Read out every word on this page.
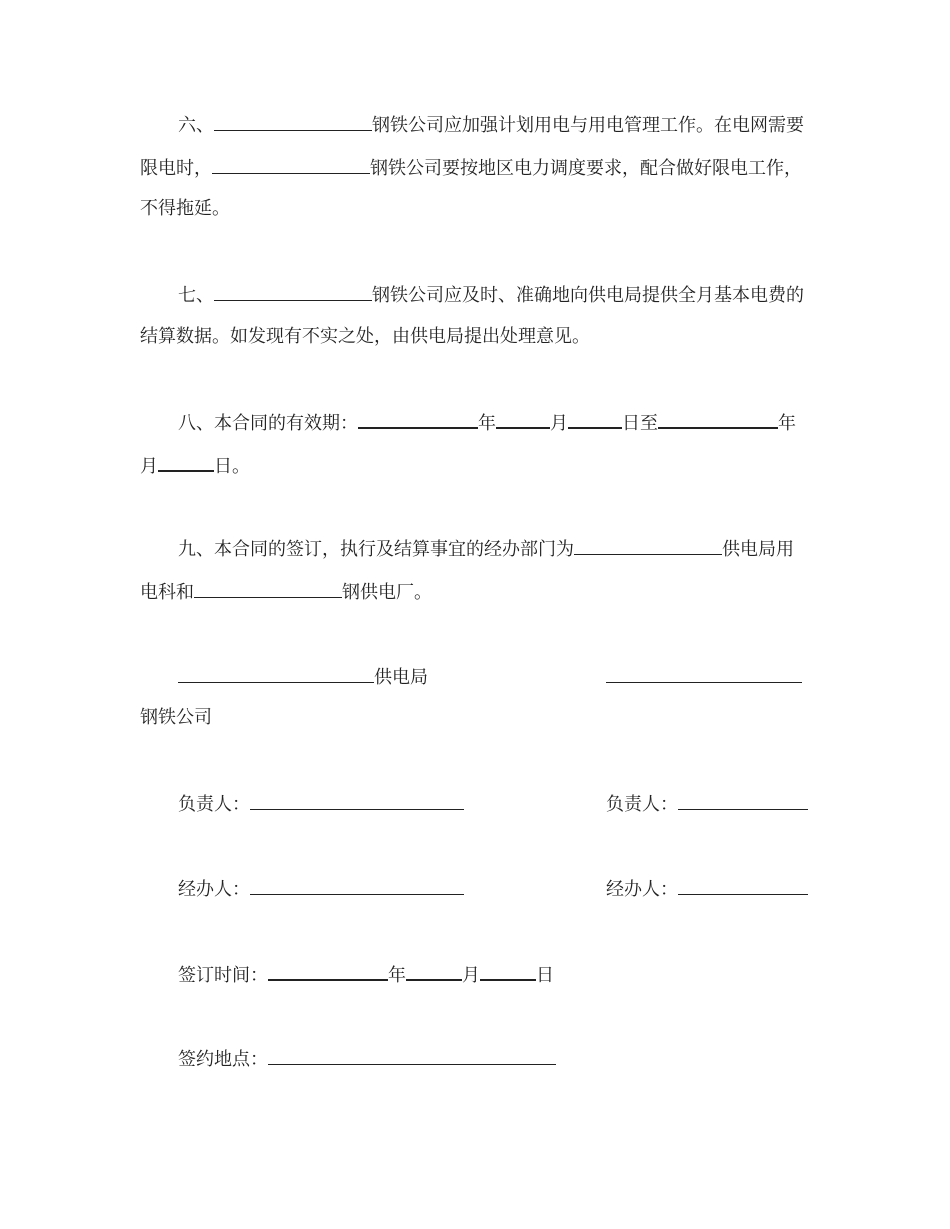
六、	钢铁公司应加强计划用电与用电管理工作。在电网需要
限电时，	钢铁公司要按地区电力调度要求，配合做好限电工作，
不得拖延。
七、	钢铁公司应及时、准确地向供电局提供全月基本电费的
结算数据。如发现有不实之处，由供电局提出处理意见。
八、本合同的有效期：	年	月	日至	年
月	日。
九、本合同的签订，执行及结算事宜的经办部门为	供电局用
电科和	钢供电厂。
供电局
钢铁公司
负责人：	负责人：
经办人：	经办人：
签订时间：	年	月	日
签约地点：
